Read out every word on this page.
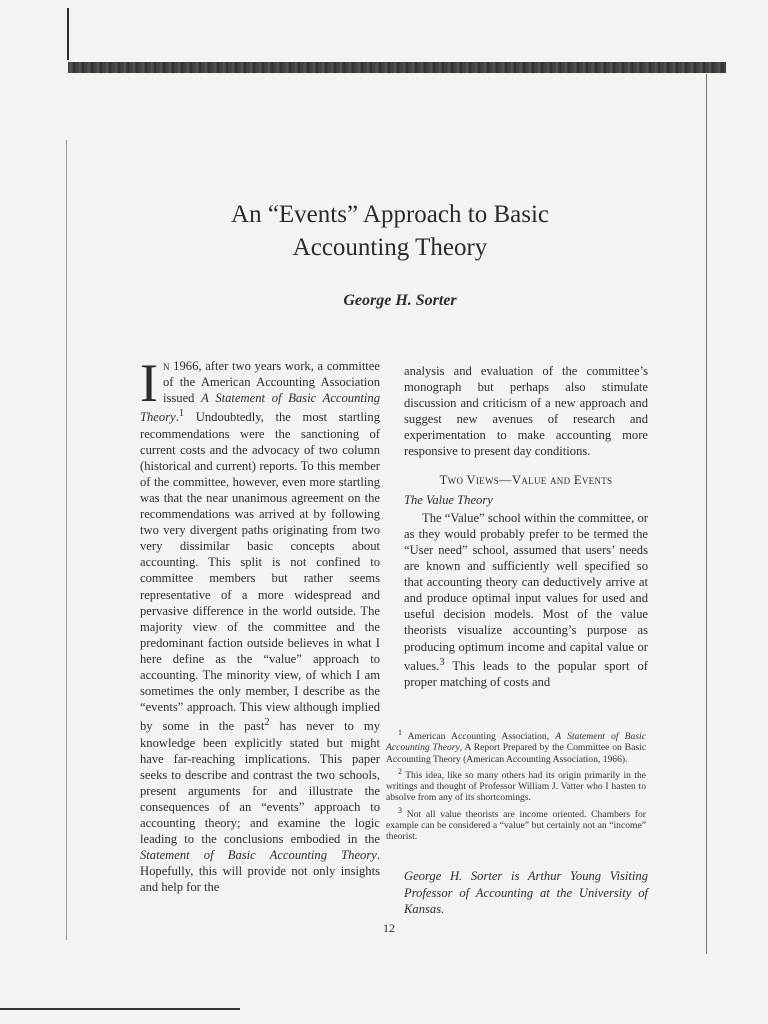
An “Events” Approach to Basic
Accounting Theory
George H. Sorter

In 1966, after two years work, a committee of the American Accounting Association issued A Statement of Basic Accounting Theory.$^1$ Undoubtedly, the most startling recommendations were the sanctioning of current costs and the advocacy of two column (historical and current) reports. To this member of the committee, however, even more startling was that the near unanimous agreement on the recommendations was arrived at by following two very divergent paths originating from two very dissimilar basic concepts about accounting. This split is not confined to committee members but rather seems representative of a more widespread and pervasive difference in the world outside. The majority view of the committee and the predominant faction outside believes in what I here define as the “value” approach to accounting. The minority view, of which I am sometimes the only member, I describe as the “events” approach. This view although implied by some in the past$^2$ has never to my knowledge been explicitly stated but might have far-reaching implications. This paper seeks to describe and contrast the two schools, present arguments for and illustrate the consequences of an “events” approach to accounting theory; and examine the logic leading to the conclusions embodied in the Statement of Basic Accounting Theory. Hopefully, this will provide not only insights and help for the

analysis and evaluation of the committee’s monograph but perhaps also stimulate discussion and criticism of a new approach and suggest new avenues of research and experimentation to make accounting more responsive to present day conditions.

Two Views—Value and Events

The Value Theory

The “Value” school within the committee, or as they would probably prefer to be termed the “User need” school, assumed that users’ needs are known and sufficiently well specified so that accounting theory can deductively arrive at and produce optimal input values for used and useful decision models. Most of the value theorists visualize accounting’s purpose as producing optimum income and capital value or values.$^3$ This leads to the popular sport of proper matching of costs and

$^1$ American Accounting Association, A Statement of Basic Accounting Theory, A Report Prepared by the Committee on Basic Accounting Theory (American Accounting Association, 1966).

$^2$ This idea, like so many others had its origin primarily in the writings and thought of Professor William J. Vatter who I hasten to absolve from any of its shortcomings.

$^3$ Not all value theorists are income oriented. Chambers for example can be considered a “value” but certainly not an “income” theorist.

George H. Sorter is Arthur Young Visiting Professor of Accounting at the University of Kansas.
12
